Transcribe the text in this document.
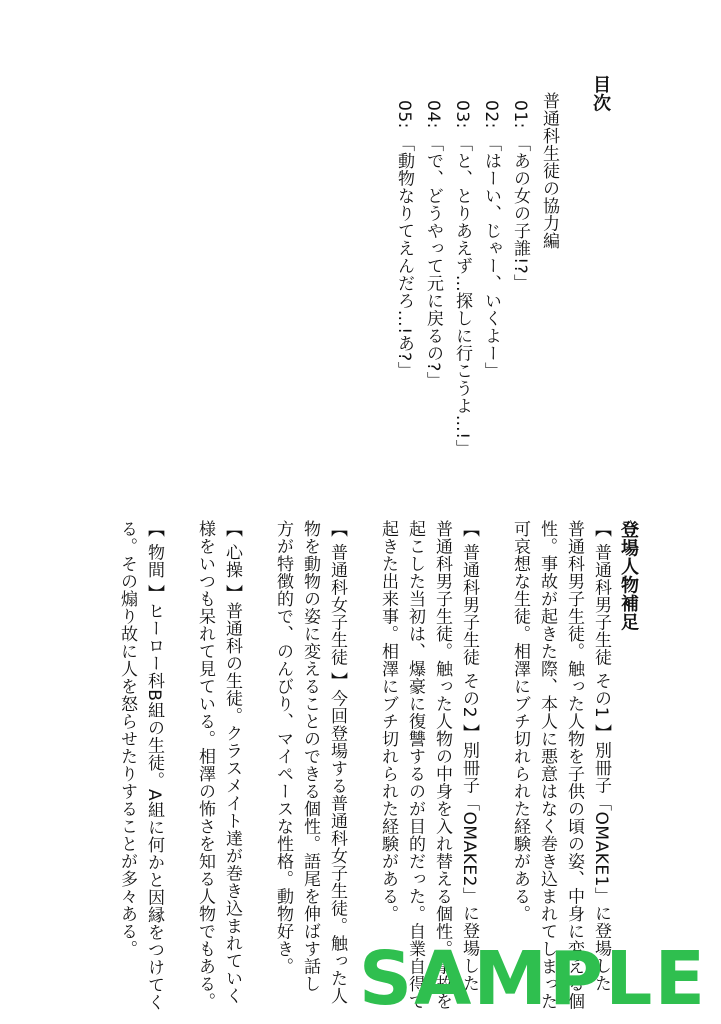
目次
普通科生徒の協力編
01: 「あの女の子誰!?」
02: 「はーい、じゃー、いくよー」
03: 「と、とりあえず…探しに行こうよ…!」
04: 「で、どうやって元に戻るの?」
05: 「動物なりてえんだろ…!あ?」
登場人物補足
【 普通科男子生徒 その1 】別冊子「OMAKE1」に登場した
普通科男子生徒。触った人物を子供の頃の姿、中身に変える個
性。事故が起きた際、本人に悪意はなく巻き込まれてしまった
可哀想な生徒。相澤にブチ切れられた経験がある。
【 普通科男子生徒 その2 】別冊子「OMAKE2」に登場した
普通科男子生徒。触った人物の中身を入れ替える個性。事故を
起こした当初は、爆豪に復讐するのが目的だった。自業自得で
起きた出来事。相澤にブチ切れられた経験がある。
【 普通科女子生徒 】今回登場する普通科女子生徒。触った人
物を動物の姿に変えることのできる個性。語尾を伸ばす話し
方が特徴的で、のんびり、マイペースな性格。動物好き。
【 心操 】普通科の生徒。クラスメイト達が巻き込まれていく
様をいつも呆れて見ている。相澤の怖さを知る人物でもある。
【 物間 】ヒーロー科B組の生徒。A組に何かと因縁をつけてく
る。その煽り故に人を怒らせたりすることが多々ある。
SAMPLE
